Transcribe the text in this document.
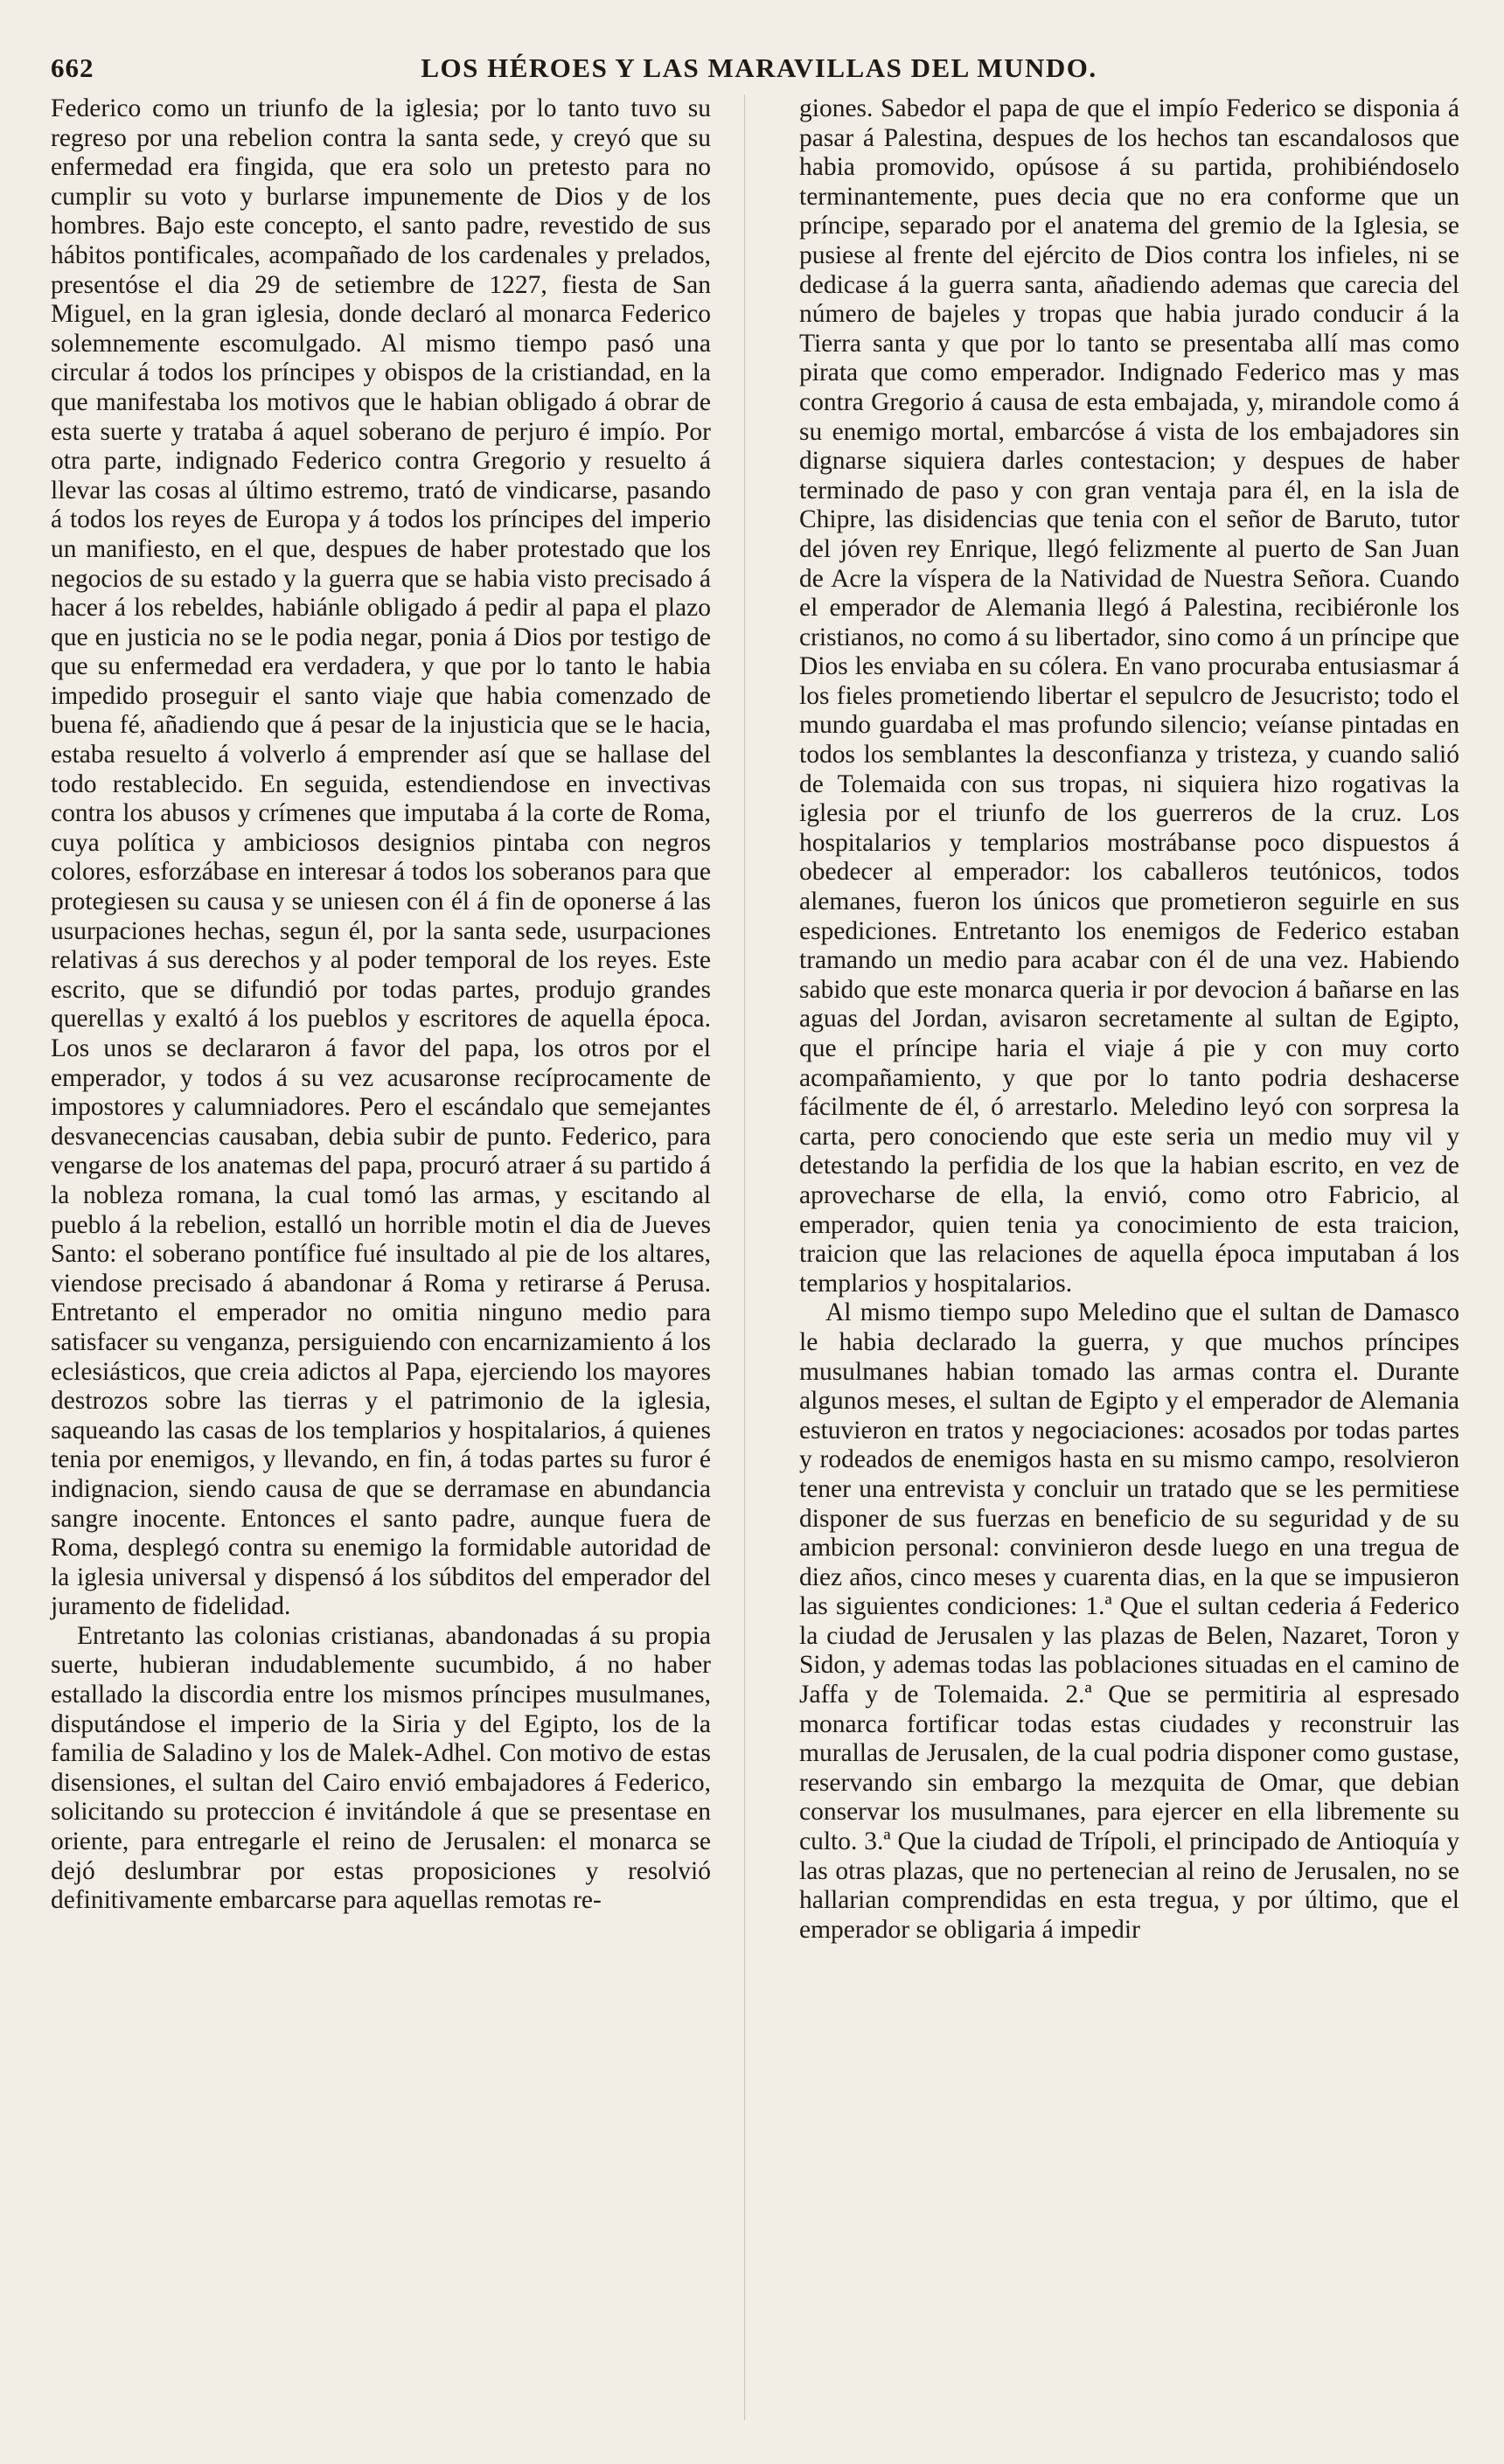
662	LOS HÉROES Y LAS MARAVILLAS DEL MUNDO.

Federico como un triunfo de la iglesia; por lo tanto tuvo su regreso por una rebelion contra la santa sede, y creyó que su enfermedad era fingida, que era solo un pretesto para no cumplir su voto y burlarse impunemente de Dios y de los hombres. Bajo este concepto, el santo padre, revestido de sus hábitos pontificales, acompañado de los cardenales y prelados, presentóse el dia 29 de setiembre de 1227, fiesta de San Miguel, en la gran iglesia, donde declaró al monarca Federico solemnemente escomulgado. Al mismo tiempo pasó una circular á todos los príncipes y obispos de la cristiandad, en la que manifestaba los motivos que le habian obligado á obrar de esta suerte y trataba á aquel soberano de perjuro é impío. Por otra parte, indignado Federico contra Gregorio y resuelto á llevar las cosas al último estremo, trató de vindicarse, pasando á todos los reyes de Europa y á todos los príncipes del imperio un manifiesto, en el que, despues de haber protestado que los negocios de su estado y la guerra que se habia visto precisado á hacer á los rebeldes, habiánle obligado á pedir al papa el plazo que en justicia no se le podia negar, ponia á Dios por testigo de que su enfermedad era verdadera, y que por lo tanto le habia impedido proseguir el santo viaje que habia comenzado de buena fé, añadiendo que á pesar de la injusticia que se le hacia, estaba resuelto á volverlo á emprender así que se hallase del todo restablecido. En seguida, estendiendose en invectivas contra los abusos y crímenes que imputaba á la corte de Roma, cuya política y ambiciosos designios pintaba con negros colores, esforzábase en interesar á todos los soberanos para que protegiesen su causa y se uniesen con él á fin de oponerse á las usurpaciones hechas, segun él, por la santa sede, usurpaciones relativas á sus derechos y al poder temporal de los reyes. Este escrito, que se difundió por todas partes, produjo grandes querellas y exaltó á los pueblos y escritores de aquella época. Los unos se declararon á favor del papa, los otros por el emperador, y todos á su vez acusaronse recíprocamente de impostores y calumniadores. Pero el escándalo que semejantes desvanecencias causaban, debia subir de punto. Federico, para vengarse de los anatemas del papa, procuró atraer á su partido á la nobleza romana, la cual tomó las armas, y escitando al pueblo á la rebelion, estalló un horrible motin el dia de Jueves Santo: el soberano pontífice fué insultado al pie de los altares, viendose precisado á abandonar á Roma y retirarse á Perusa. Entretanto el emperador no omitia ninguno medio para satisfacer su venganza, persiguiendo con encarnizamiento á los eclesiásticos, que creia adictos al Papa, ejerciendo los mayores destrozos sobre las tierras y el patrimonio de la iglesia, saqueando las casas de los templarios y hospitalarios, á quienes tenia por enemigos, y llevando, en fin, á todas partes su furor é indignacion, siendo causa de que se derramase en abundancia sangre inocente. Entonces el santo padre, aunque fuera de Roma, desplegó contra su enemigo la formidable autoridad de la iglesia universal y dispensó á los súbditos del emperador del juramento de fidelidad.

Entretanto las colonias cristianas, abandonadas á su propia suerte, hubieran indudablemente sucumbido, á no haber estallado la discordia entre los mismos príncipes musulmanes, disputándose el imperio de la Siria y del Egipto, los de la familia de Saladino y los de Malek-Adhel. Con motivo de estas disensiones, el sultan del Cairo envió embajadores á Federico, solicitando su proteccion é invitándole á que se presentase en oriente, para entregarle el reino de Jerusalen: el monarca se dejó deslumbrar por estas proposiciones y resolvió definitivamente embarcarse para aquellas remotas re-

giones. Sabedor el papa de que el impío Federico se disponia á pasar á Palestina, despues de los hechos tan escandalosos que habia promovido, opúsose á su partida, prohibiéndoselo terminantemente, pues decia que no era conforme que un príncipe, separado por el anatema del gremio de la Iglesia, se pusiese al frente del ejército de Dios contra los infieles, ni se dedicase á la guerra santa, añadiendo ademas que carecia del número de bajeles y tropas que habia jurado conducir á la Tierra santa y que por lo tanto se presentaba allí mas como pirata que como emperador. Indignado Federico mas y mas contra Gregorio á causa de esta embajada, y, mirandole como á su enemigo mortal, embarcóse á vista de los embajadores sin dignarse siquiera darles contestacion; y despues de haber terminado de paso y con gran ventaja para él, en la isla de Chipre, las disidencias que tenia con el señor de Baruto, tutor del jóven rey Enrique, llegó felizmente al puerto de San Juan de Acre la víspera de la Natividad de Nuestra Señora. Cuando el emperador de Alemania llegó á Palestina, recibiéronle los cristianos, no como á su libertador, sino como á un príncipe que Dios les enviaba en su cólera. En vano procuraba entusiasmar á los fieles prometiendo libertar el sepulcro de Jesucristo; todo el mundo guardaba el mas profundo silencio; veíanse pintadas en todos los semblantes la desconfianza y tristeza, y cuando salió de Tolemaida con sus tropas, ni siquiera hizo rogativas la iglesia por el triunfo de los guerreros de la cruz. Los hospitalarios y templarios mostrábanse poco dispuestos á obedecer al emperador: los caballeros teutónicos, todos alemanes, fueron los únicos que prometieron seguirle en sus espediciones. Entretanto los enemigos de Federico estaban tramando un medio para acabar con él de una vez. Habiendo sabido que este monarca queria ir por devocion á bañarse en las aguas del Jordan, avisaron secretamente al sultan de Egipto, que el príncipe haria el viaje á pie y con muy corto acompañamiento, y que por lo tanto podria deshacerse fácilmente de él, ó arrestarlo. Meledino leyó con sorpresa la carta, pero conociendo que este seria un medio muy vil y detestando la perfidia de los que la habian escrito, en vez de aprovecharse de ella, la envió, como otro Fabricio, al emperador, quien tenia ya conocimiento de esta traicion, traicion que las relaciones de aquella época imputaban á los templarios y hospitalarios.

Al mismo tiempo supo Meledino que el sultan de Damasco le habia declarado la guerra, y que muchos príncipes musulmanes habian tomado las armas contra el. Durante algunos meses, el sultan de Egipto y el emperador de Alemania estuvieron en tratos y negociaciones: acosados por todas partes y rodeados de enemigos hasta en su mismo campo, resolvieron tener una entrevista y concluir un tratado que se les permitiese disponer de sus fuerzas en beneficio de su seguridad y de su ambicion personal: convinieron desde luego en una tregua de diez años, cinco meses y cuarenta dias, en la que se impusieron las siguientes condiciones: 1.ª Que el sultan cederia á Federico la ciudad de Jerusalen y las plazas de Belen, Nazaret, Toron y Sidon, y ademas todas las poblaciones situadas en el camino de Jaffa y de Tolemaida. 2.ª Que se permitiria al espresado monarca fortificar todas estas ciudades y reconstruir las murallas de Jerusalen, de la cual podria disponer como gustase, reservando sin embargo la mezquita de Omar, que debian conservar los musulmanes, para ejercer en ella libremente su culto. 3.ª Que la ciudad de Trípoli, el principado de Antioquía y las otras plazas, que no pertenecian al reino de Jerusalen, no se hallarian comprendidas en esta tregua, y por último, que el emperador se obligaria á impedir
